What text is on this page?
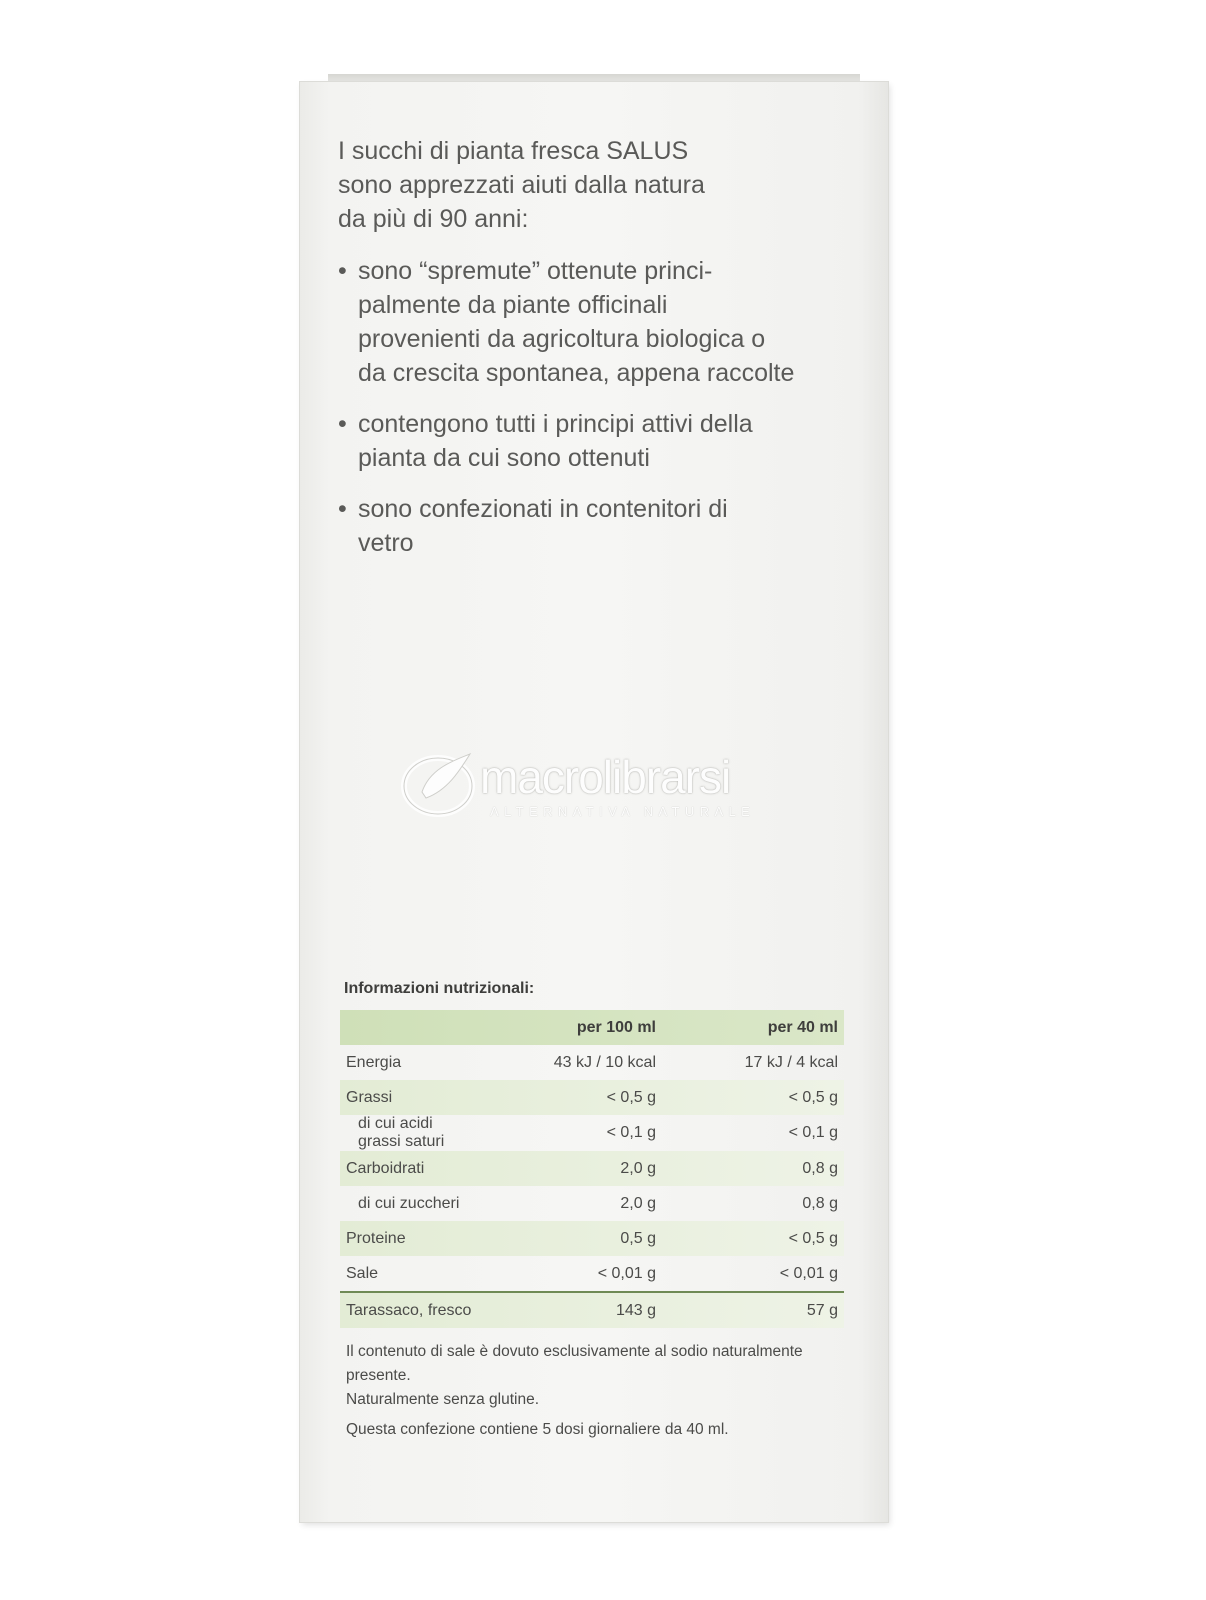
I succhi di pianta fresca SALUS

sono apprezzati aiuti dalla natura

da più di 90 anni:

• sono “spremute” ottenute princi-
palmente da piante officinali
provenienti da agricoltura biologica o
da crescita spontanea, appena raccolte
• contengono tutti i principi attivi della
pianta da cui sono ottenuti
• sono confezionati in contenitori di
vetro
macrolibrarsi
ALTERNATIVA NATURALE
Informazioni nutrizionali:
	per 100 ml	per 40 ml
Energia	43 kJ / 10 kcal	17 kJ / 4 kcal
Grassi	< 0,5 g	< 0,5 g
di cui acidi grassi saturi	< 0,1 g	< 0,1 g
Carboidrati	2,0 g	0,8 g
di cui zuccheri	2,0 g	0,8 g
Proteine	0,5 g	< 0,5 g
Sale	< 0,01 g	< 0,01 g
Tarassaco, fresco	143 g	57 g

Il contenuto di sale è dovuto esclusivamente al sodio naturalmente presente.

Naturalmente senza glutine.

Questa confezione contiene 5 dosi giornaliere da 40 ml.
